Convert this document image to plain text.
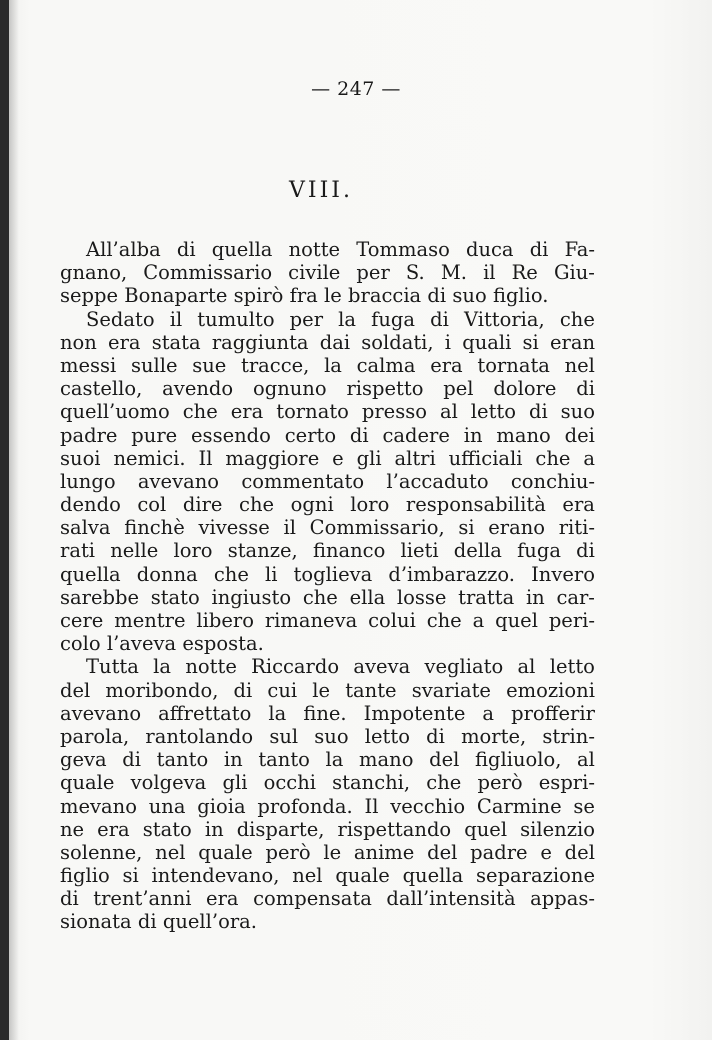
— 247 —
VIII.
All’alba di quella notte Tommaso duca di Fa-
gnano, Commissario civile per S. M. il Re Giu-
seppe Bonaparte spirò fra le braccia di suo figlio.
Sedato il tumulto per la fuga di Vittoria, che
non era stata raggiunta dai soldati, i quali si eran
messi sulle sue tracce, la calma era tornata nel
castello, avendo ognuno rispetto pel dolore di
quell’uomo che era tornato presso al letto di suo
padre pure essendo certo di cadere in mano dei
suoi nemici. Il maggiore e gli altri ufficiali che a
lungo avevano commentato l’accaduto conchiu-
dendo col dire che ogni loro responsabilità era
salva finchè vivesse il Commissario, si erano riti-
rati nelle loro stanze, financo lieti della fuga di
quella donna che li toglieva d’imbarazzo. Invero
sarebbe stato ingiusto che ella losse tratta in car-
cere mentre libero rimaneva colui che a quel peri-
colo l’aveva esposta.
Tutta la notte Riccardo aveva vegliato al letto
del moribondo, di cui le tante svariate emozioni
avevano affrettato la fine. Impotente a profferir
parola, rantolando sul suo letto di morte, strin-
geva di tanto in tanto la mano del figliuolo, al
quale volgeva gli occhi stanchi, che però espri-
mevano una gioia profonda. Il vecchio Carmine se
ne era stato in disparte, rispettando quel silenzio
solenne, nel quale però le anime del padre e del
figlio si intendevano, nel quale quella separazione
di trent’anni era compensata dall’intensità appas-
sionata di quell’ora.
